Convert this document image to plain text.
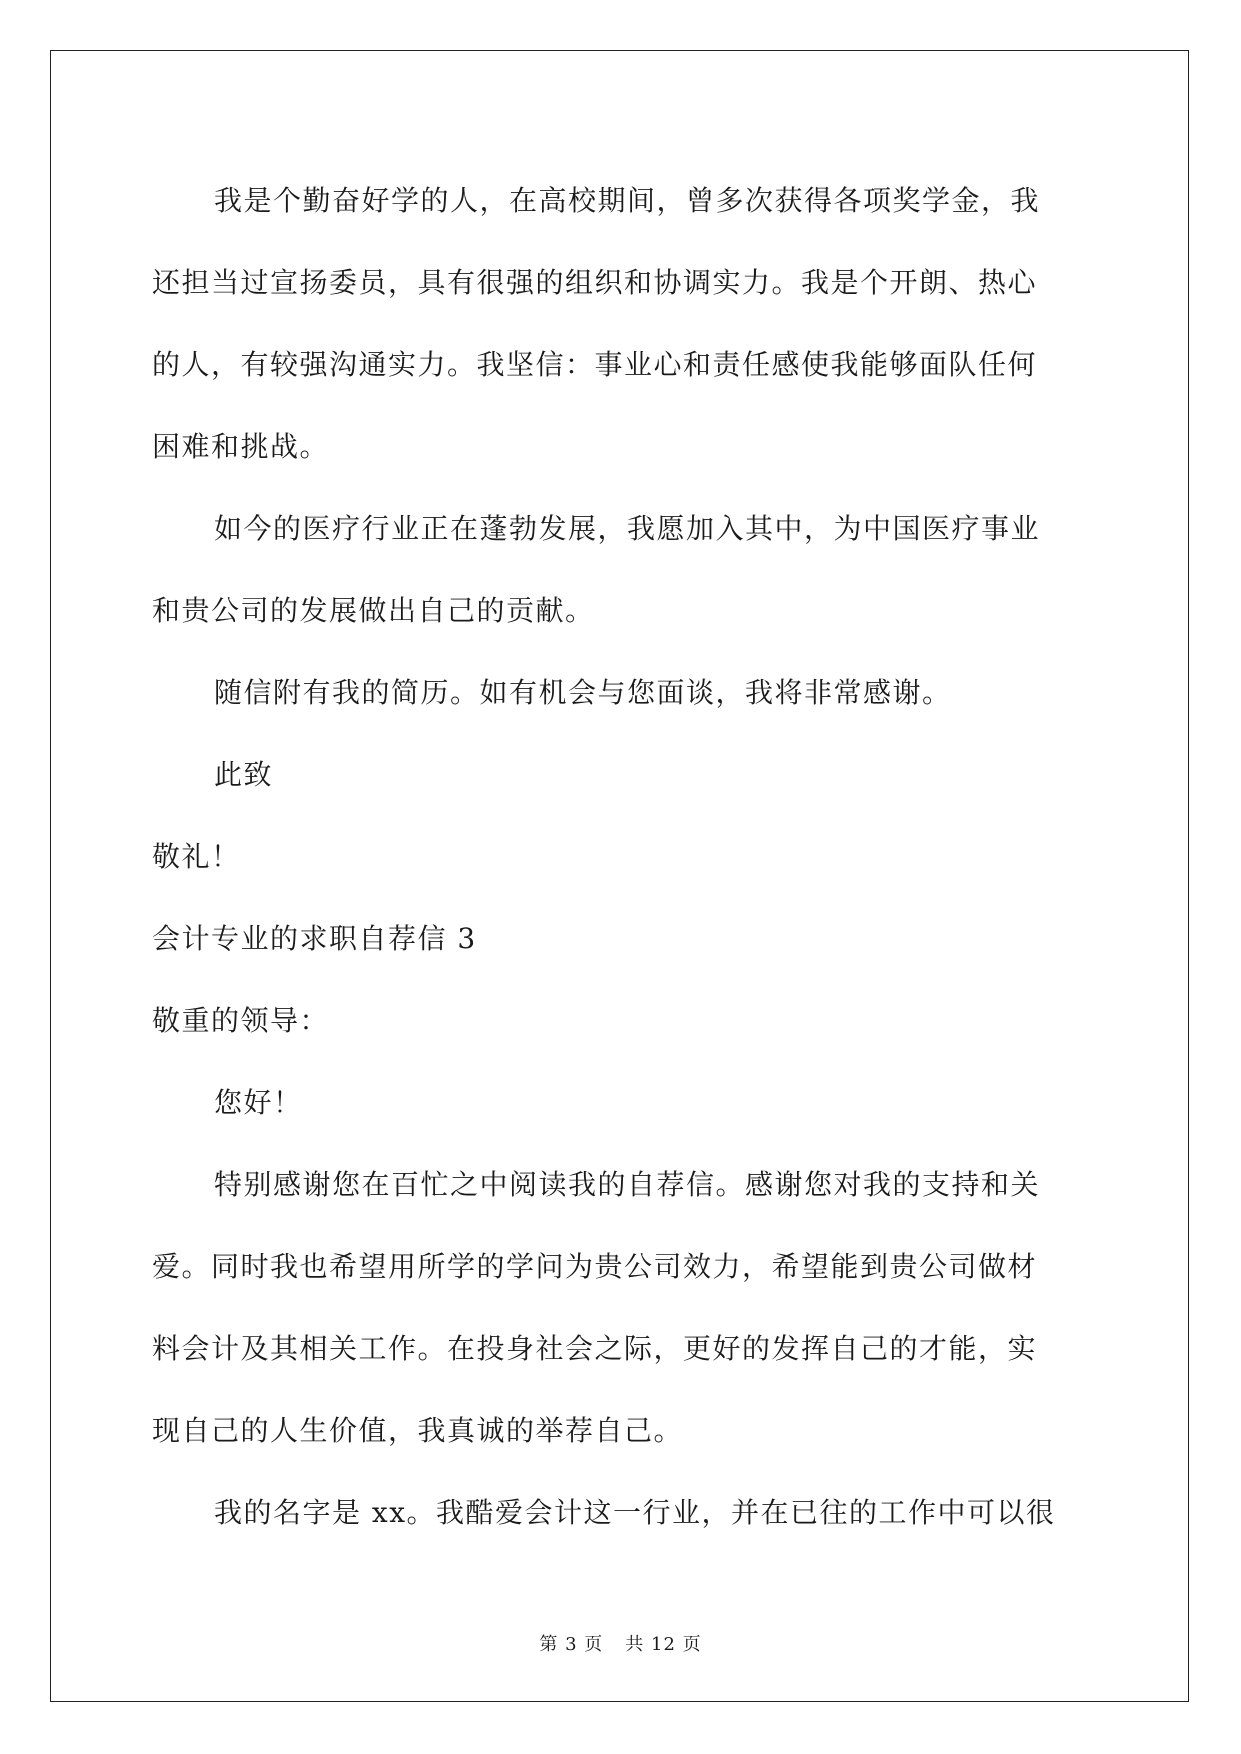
我是个勤奋好学的人，在高校期间，曾多次获得各项奖学金，我

还担当过宣扬委员，具有很强的组织和协调实力。我是个开朗、热心

的人，有较强沟通实力。我坚信：事业心和责任感使我能够面队任何

困难和挑战。

如今的医疗行业正在蓬勃发展，我愿加入其中，为中国医疗事业

和贵公司的发展做出自己的贡献。

随信附有我的简历。如有机会与您面谈，我将非常感谢。

此致

敬礼！

会计专业的求职自荐信 3

敬重的领导：

您好！

特别感谢您在百忙之中阅读我的自荐信。感谢您对我的支持和关

爱。同时我也希望用所学的学问为贵公司效力，希望能到贵公司做材

料会计及其相关工作。在投身社会之际，更好的发挥自己的才能，实

现自己的人生价值，我真诚的举荐自己。

我的名字是 xx。我酷爱会计这一行业，并在已往的工作中可以很

第 3 页 共 12 页
